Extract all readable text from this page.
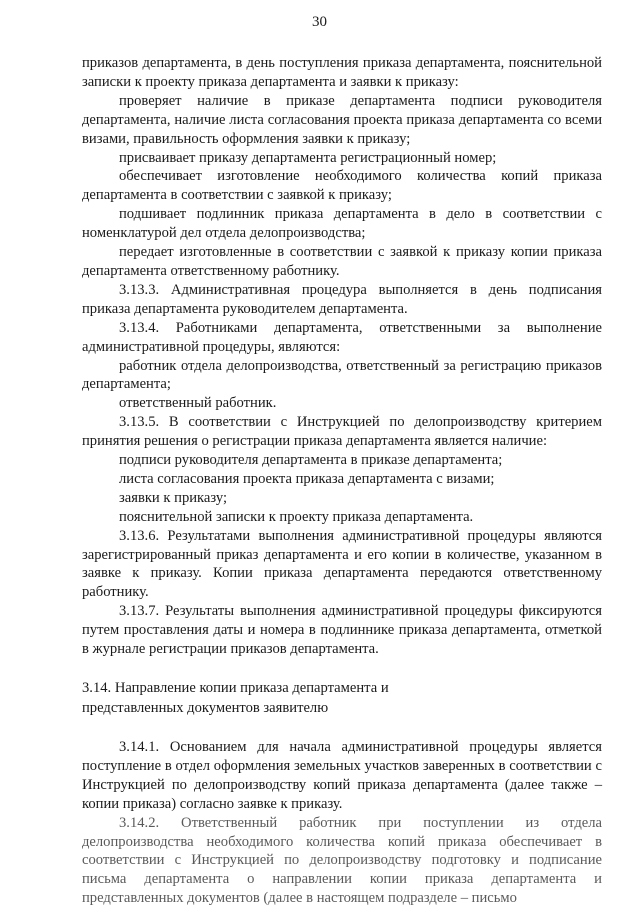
30

приказов департамента, в день поступления приказа департамента, пояснительной записки к проекту приказа департамента и заявки к приказу:

проверяет наличие в приказе департамента подписи руководителя департамента, наличие листа согласования проекта приказа департамента со всеми визами, правильность оформления заявки к приказу;

присваивает приказу департамента регистрационный номер;

обеспечивает изготовление необходимого количества копий приказа департамента в соответствии с заявкой к приказу;

подшивает подлинник приказа департамента в дело в соответствии с номенклатурой дел отдела делопроизводства;

передает изготовленные в соответствии с заявкой к приказу копии приказа департамента ответственному работнику.

3.13.3. Административная процедура выполняется в день подписания приказа департамента руководителем департамента.

3.13.4. Работниками департамента, ответственными за выполнение административной процедуры, являются:

работник отдела делопроизводства, ответственный за регистрацию приказов департамента;

ответственный работник.

3.13.5. В соответствии с Инструкцией по делопроизводству критерием принятия решения о регистрации приказа департамента является наличие:

подписи руководителя департамента в приказе департамента;

листа согласования проекта приказа департамента с визами;

заявки к приказу;

пояснительной записки к проекту приказа департамента.

3.13.6. Результатами выполнения административной процедуры являются зарегистрированный приказ департамента и его копии в количестве, указанном в заявке к приказу. Копии приказа департамента передаются ответственному работнику.

3.13.7. Результаты выполнения административной процедуры фиксируются путем проставления даты и номера в подлиннике приказа департамента, отметкой в журнале регистрации приказов департамента.

3.14. Направление копии приказа департамента и

представленных документов заявителю

3.14.1. Основанием для начала административной процедуры является поступление в отдел оформления земельных участков заверенных в соответствии с Инструкцией по делопроизводству копий приказа департамента (далее также – копии приказа) согласно заявке к приказу.

3.14.2. Ответственный работник при поступлении из отдела делопроизводства необходимого количества копий приказа обеспечивает в соответствии с Инструкцией по делопроизводству подготовку и подписание письма департамента о направлении копии приказа департамента и представленных документов (далее в настоящем подразделе – письмо
